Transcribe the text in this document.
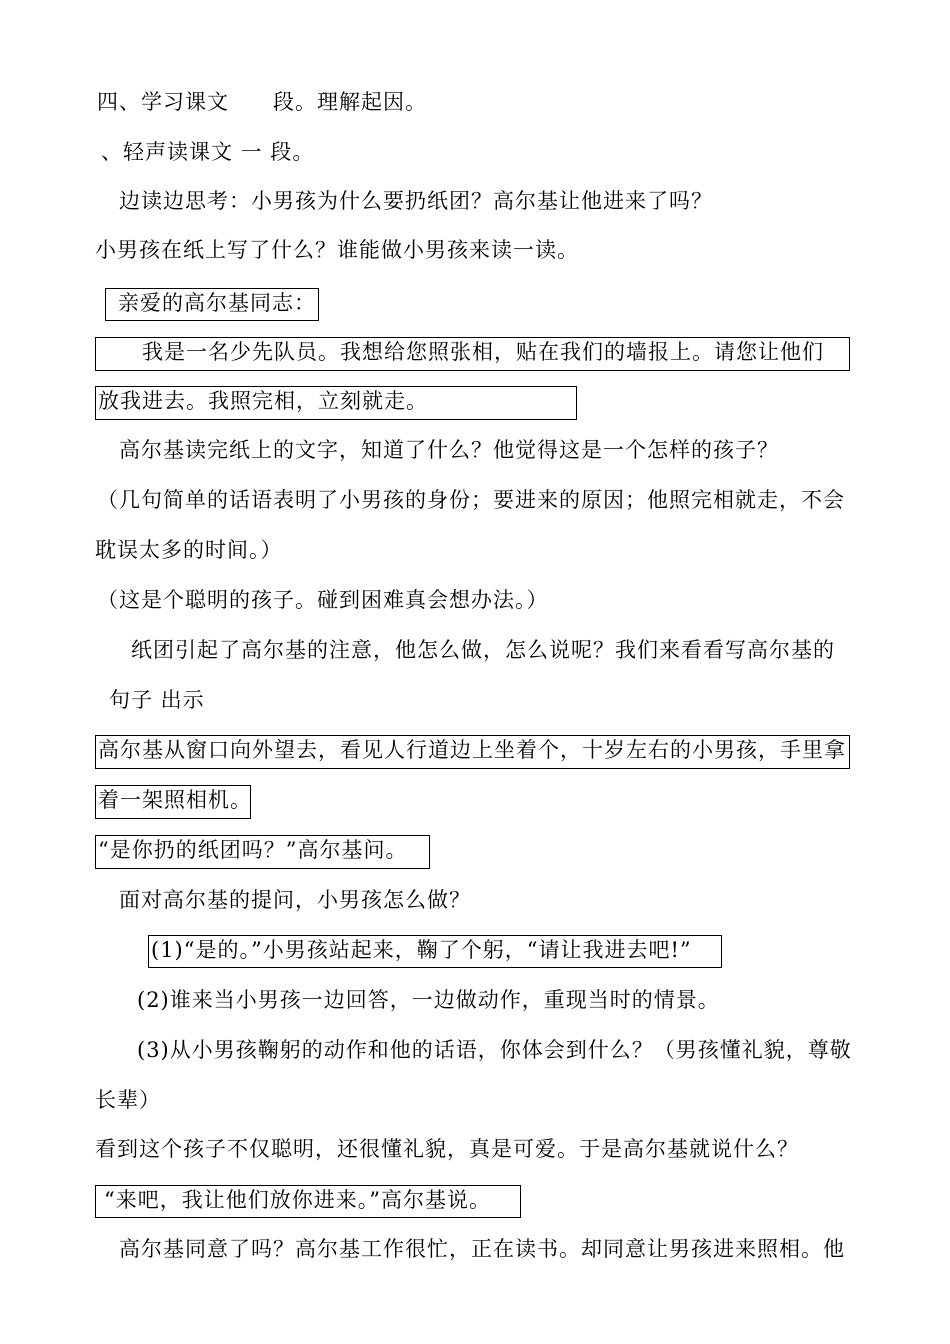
四、学习课文　　段。理解起因。
、轻声读课文 一 段。
边读边思考：小男孩为什么要扔纸团？高尔基让他进来了吗？
小男孩在纸上写了什么？谁能做小男孩来读一读。
亲爱的高尔基同志：
　　我是一名少先队员。我想给您照张相，贴在我们的墙报上。请您让他们
放我进去。我照完相，立刻就走。
高尔基读完纸上的文字，知道了什么？他觉得这是一个怎样的孩子？
（几句简单的话语表明了小男孩的身份；要进来的原因；他照完相就走，不会
耽误太多的时间。）
（这是个聪明的孩子。碰到困难真会想办法。）
纸团引起了高尔基的注意，他怎么做，怎么说呢？我们来看看写高尔基的
句子 出示
高尔基从窗口向外望去，看见人行道边上坐着个，十岁左右的小男孩，手里拿
着一架照相机。
“是你扔的纸团吗？”高尔基问。
面对高尔基的提问，小男孩怎么做？
(1)“是的。”小男孩站起来，鞠了个躬，“请让我进去吧!”
(2)谁来当小男孩一边回答，一边做动作，重现当时的情景。
(3)从小男孩鞠躬的动作和他的话语，你体会到什么？（男孩懂礼貌，尊敬
长辈）
看到这个孩子不仅聪明，还很懂礼貌，真是可爱。于是高尔基就说什么？
“来吧，我让他们放你进来。”高尔基说。
高尔基同意了吗？高尔基工作很忙，正在读书。却同意让男孩进来照相。他
